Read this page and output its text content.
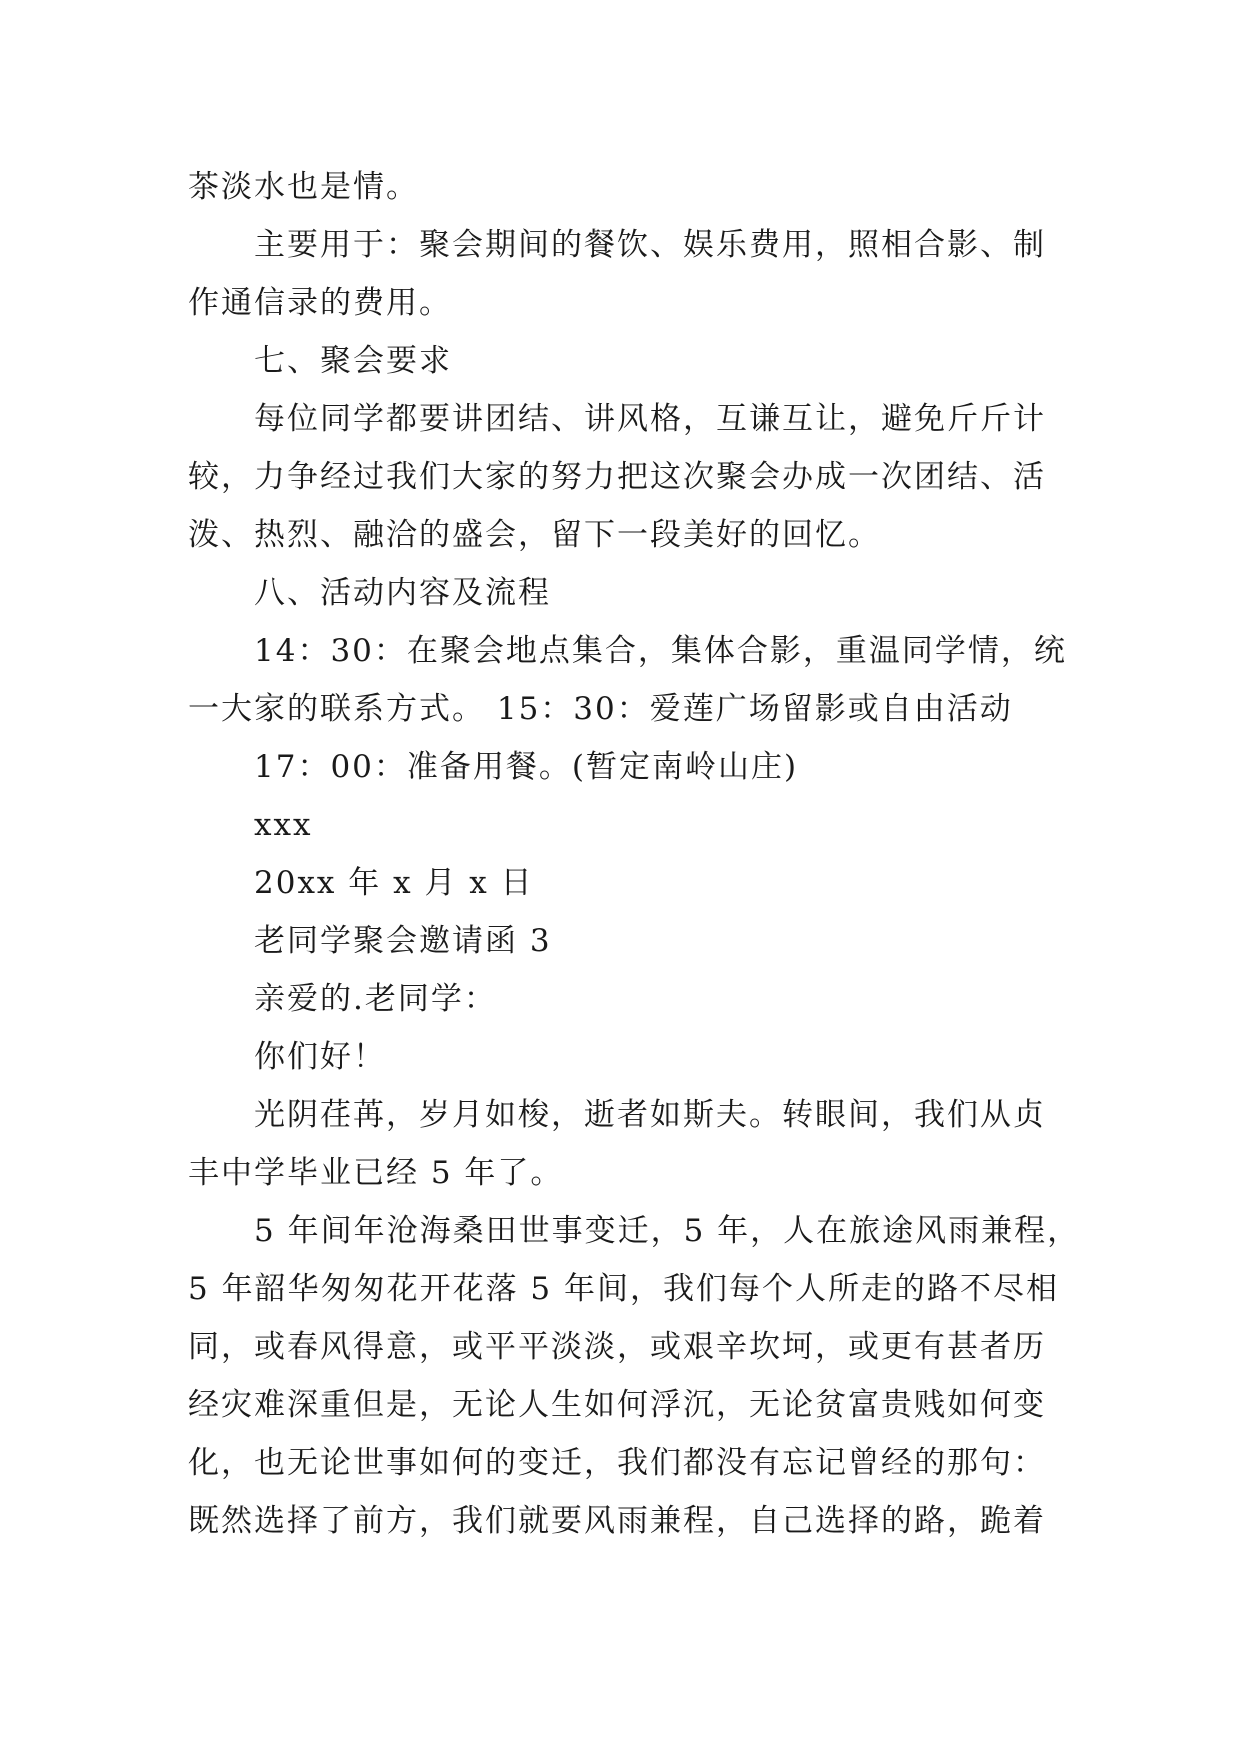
茶淡水也是情。

主要用于：聚会期间的餐饮、娱乐费用，照相合影、制

作通信录的费用。

七、聚会要求

每位同学都要讲团结、讲风格，互谦互让，避免斤斤计

较，力争经过我们大家的努力把这次聚会办成一次团结、活

泼、热烈、融洽的盛会，留下一段美好的回忆。

八、活动内容及流程

14：30：在聚会地点集合，集体合影，重温同学情，统

一大家的联系方式。 15：30：爱莲广场留影或自由活动

17：00：准备用餐。(暂定南岭山庄)

xxx

20xx 年 x 月 x 日

老同学聚会邀请函 3

亲爱的.老同学：

你们好！

光阴荏苒，岁月如梭，逝者如斯夫。转眼间，我们从贞

丰中学毕业已经 5 年了。

5 年间年沧海桑田世事变迁，5 年，人在旅途风雨兼程，

5 年韶华匆匆花开花落 5 年间，我们每个人所走的路不尽相

同，或春风得意，或平平淡淡，或艰辛坎坷，或更有甚者历

经灾难深重但是，无论人生如何浮沉，无论贫富贵贱如何变

化，也无论世事如何的变迁，我们都没有忘记曾经的那句：

既然选择了前方，我们就要风雨兼程，自己选择的路，跪着
